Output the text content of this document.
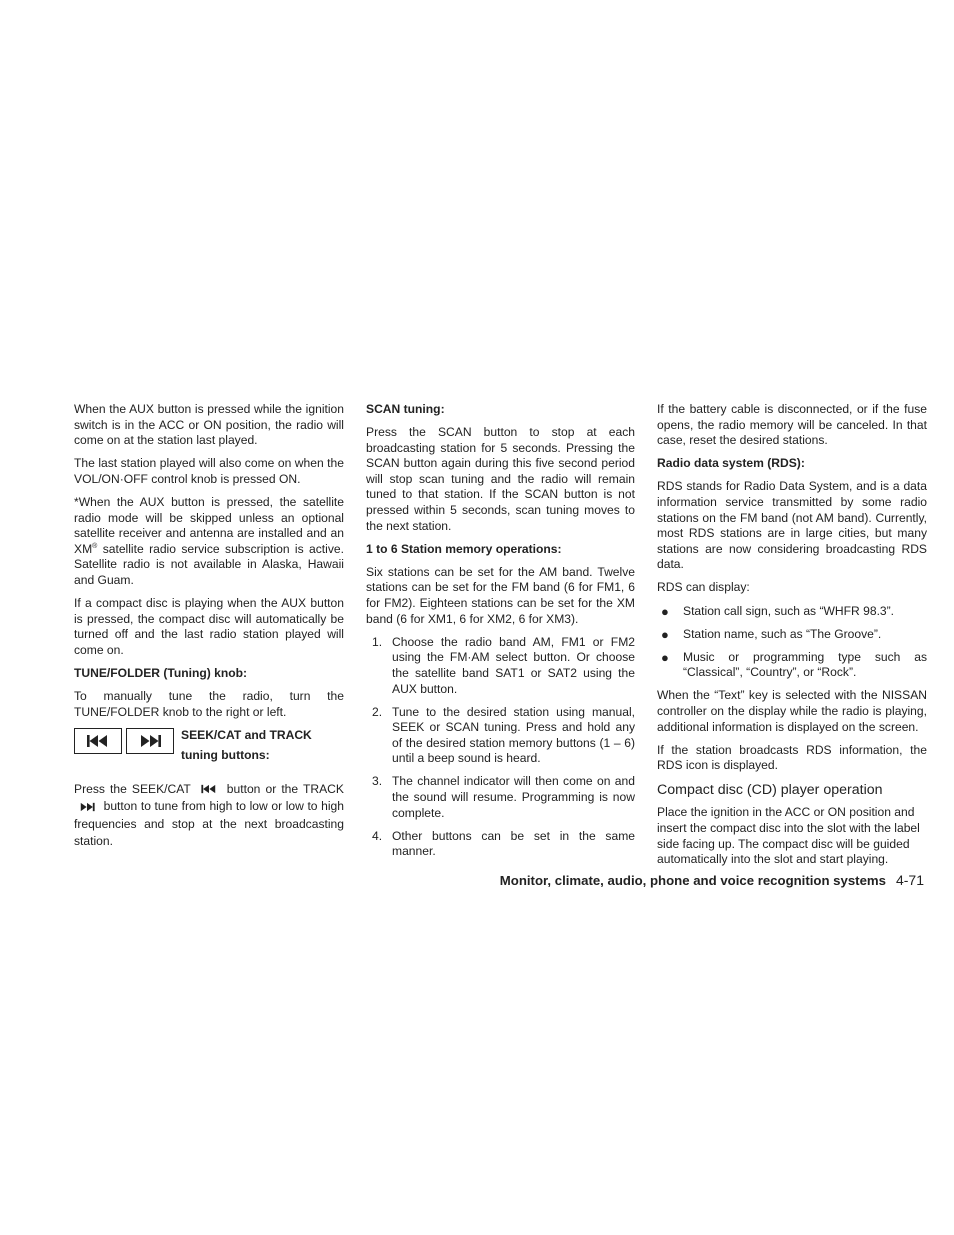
When the AUX button is pressed while the ignition switch is in the ACC or ON position, the radio will come on at the station last played.

The last station played will also come on when the VOL/ON·OFF control knob is pressed ON.

*When the AUX button is pressed, the satellite radio mode will be skipped unless an optional satellite receiver and antenna are installed and an XM® satellite radio service subscription is active. Satellite radio is not available in Alaska, Hawaii and Guam.

If a compact disc is playing when the AUX button is pressed, the compact disc will automatically be turned off and the last radio station played will come on.

TUNE/FOLDER (Tuning) knob:

To manually tune the radio, turn the TUNE/FOLDER knob to the right or left.

SEEK/CAT and TRACK
tuning buttons:

Press the SEEK/CAT	button or the TRACK  button to tune from high to low or low to high frequencies and stop at the next broadcasting station.

SCAN tuning:

Press the SCAN button to stop at each broadcasting station for 5 seconds. Pressing the SCAN button again during this five second period will stop scan tuning and the radio will remain tuned to that station. If the SCAN button is not pressed within 5 seconds, scan tuning moves to the next station.

1 to 6 Station memory operations:

Six stations can be set for the AM band. Twelve stations can be set for the FM band (6 for FM1, 6 for FM2). Eighteen stations can be set for the XM band (6 for XM1, 6 for XM2, 6 for XM3).

1. Choose the radio band AM, FM1 or FM2 using the FM·AM select button. Or choose the satellite band SAT1 or SAT2 using the AUX button.
2. Tune to the desired station using manual, SEEK or SCAN tuning. Press and hold any of the desired station memory buttons (1 – 6) until a beep sound is heard.
3. The channel indicator will then come on and the sound will resume. Programming is now complete.
4. Other buttons can be set in the same manner.

If the battery cable is disconnected, or if the fuse opens, the radio memory will be canceled. In that case, reset the desired stations.

Radio data system (RDS):

RDS stands for Radio Data System, and is a data information service transmitted by some radio stations on the FM band (not AM band). Currently, most RDS stations are in large cities, but many stations are now considering broadcasting RDS data.

RDS can display:

●	Station call sign, such as “WHFR 98.3”.
●	Station name, such as “The Groove”.
●	Music or programming type such as “Classical”, “Country”, or “Rock”.

When the “Text” key is selected with the NISSAN controller on the display while the radio is playing, additional information is displayed on the screen.

If the station broadcasts RDS information, the RDS icon is displayed.

Compact disc (CD) player operation

Place the ignition in the ACC or ON position and insert the compact disc into the slot with the label side facing up. The compact disc will be guided automatically into the slot and start playing.

Monitor, climate, audio, phone and voice recognition systems 4-71
